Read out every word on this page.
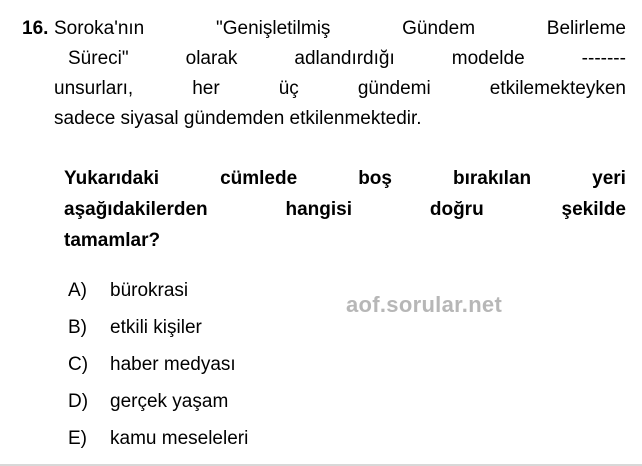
16. Soroka'nın	"Genişletilmiş	Gündem	Belirleme
Süreci"	olarak	adlandırdığı	modelde	-------
unsurları,	her	üç	gündemi	etkilemekteyken
sadece siyasal gündemden etkilenmektedir.
Yukarıdaki	cümlede	boş	bırakılan	yeri
aşağıdakilerden	hangisi	doğru	şekilde
tamamlar?
aof.sorular.net
A)	bürokrasi
B)	etkili kişiler
C)	haber medyası
D)	gerçek yaşam
E)	kamu meseleleri
